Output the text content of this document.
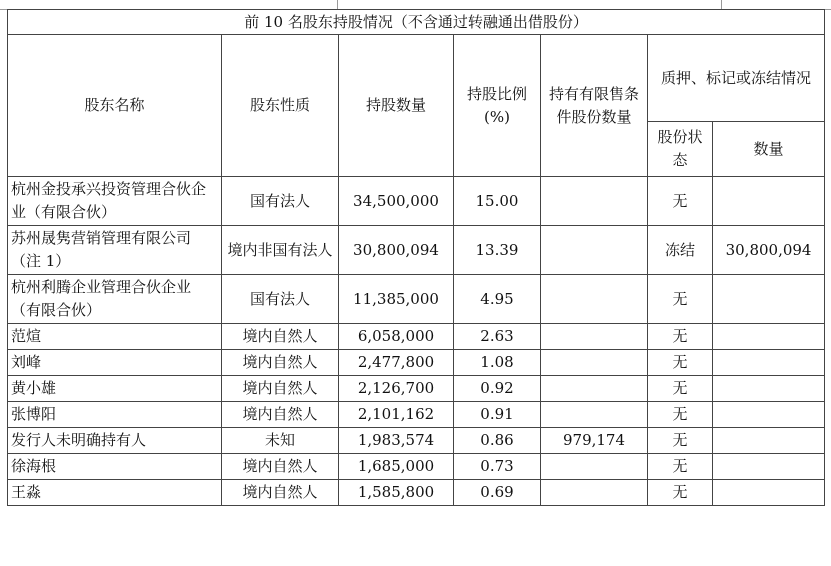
前 10 名股东持股情况（不含通过转融通出借股份）						
股东名称	股东性质	持股数量	持股比例(%)	持有有限售条件股份数量	质押、标记或冻结情况	
					股份状态	数量
杭州金投承兴投资管理合伙企业（有限合伙）	国有法人	34,500,000	15.00		无	
苏州晟隽营销管理有限公司（注 1）	境内非国有法人	30,800,094	13.39		冻结	30,800,094
杭州利腾企业管理合伙企业（有限合伙）	国有法人	11,385,000	4.95		无	
范煊	境内自然人	6,058,000	2.63		无	
刘峰	境内自然人	2,477,800	1.08		无	
黄小雄	境内自然人	2,126,700	0.92		无	
张博阳	境内自然人	2,101,162	0.91		无	
发行人未明确持有人	未知	1,983,574	0.86	979,174	无	
徐海根	境内自然人	1,685,000	0.73		无	
王淼	境内自然人	1,585,800	0.69		无	
